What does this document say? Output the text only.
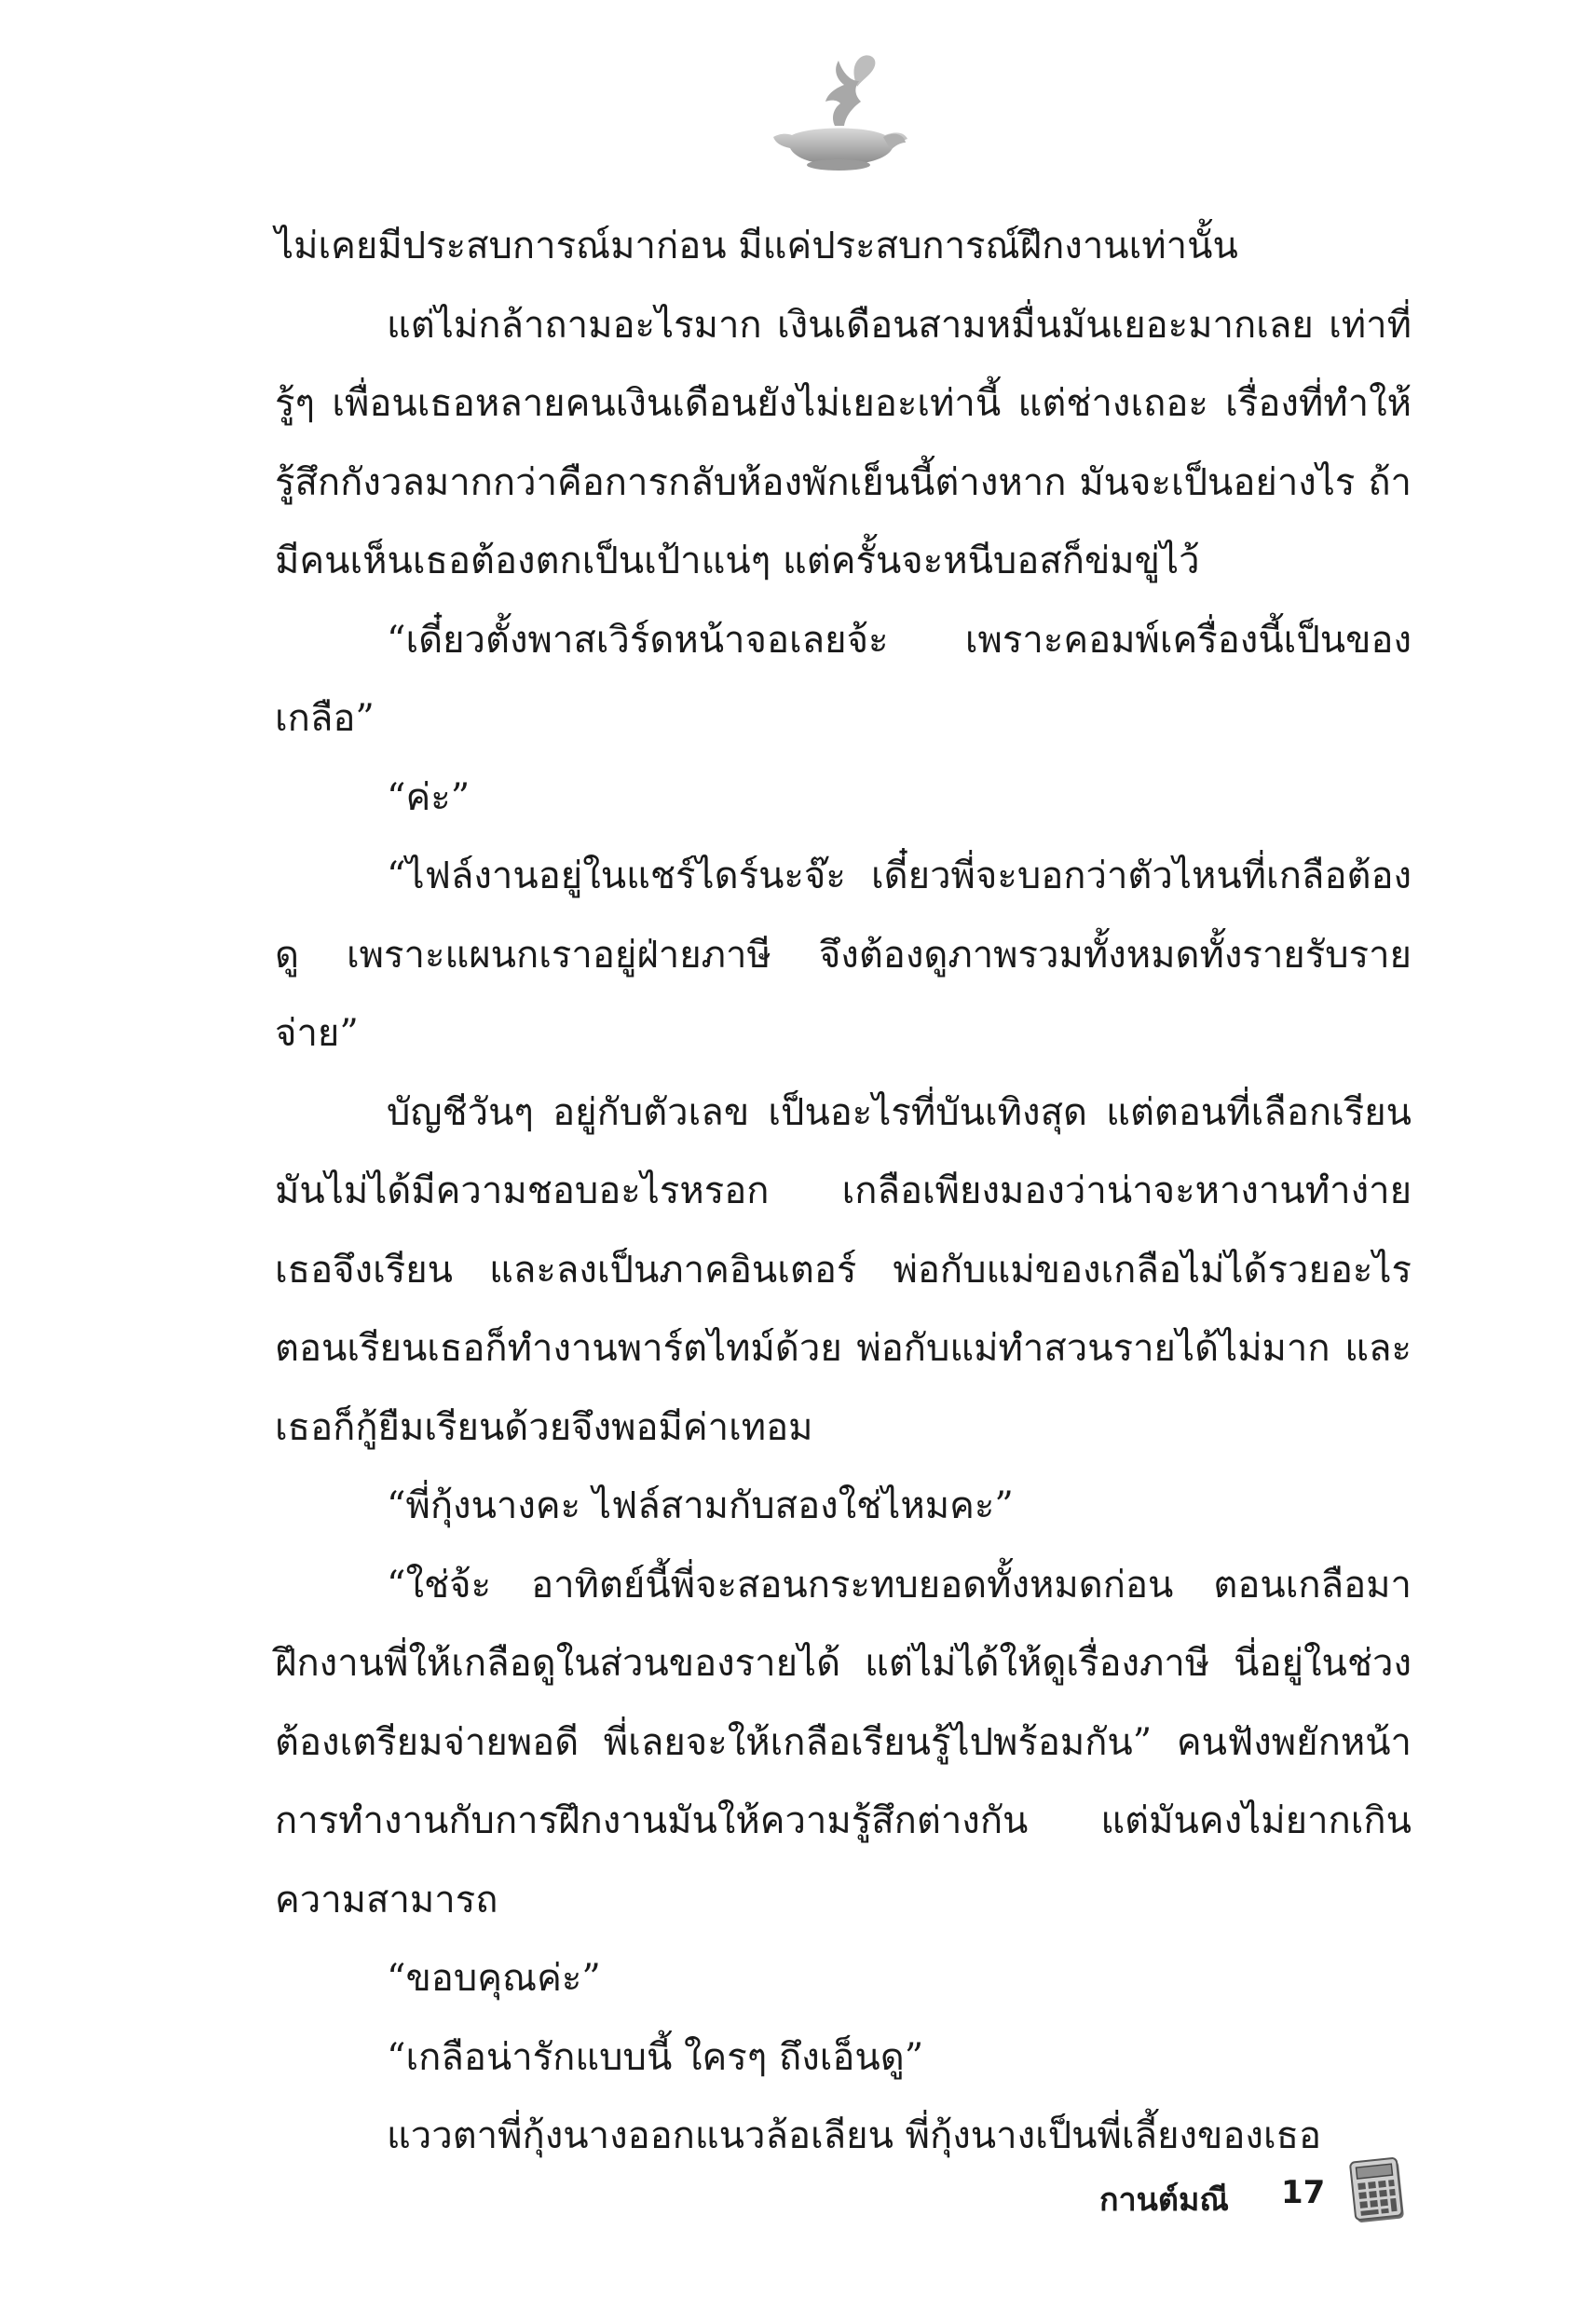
ไม่เคยมีประสบการณ์มาก่อน มีแค่ประสบการณ์ฝึกงานเท่านั้น

แต่ไม่กล้าถามอะไรมาก เงินเดือนสามหมื่นมันเยอะมากเลย เท่าที่รู้ๆ เพื่อนเธอหลายคนเงินเดือนยังไม่เยอะเท่านี้ แต่ช่างเถอะ เรื่องที่ทำให้รู้สึกกังวลมากกว่าคือการกลับห้องพักเย็นนี้ต่างหาก มันจะเป็นอย่างไร ถ้ามีคนเห็นเธอต้องตกเป็นเป้าแน่ๆ แต่ครั้นจะหนีบอสก็ข่มขู่ไว้

“เดี๋ยวตั้งพาสเวิร์ดหน้าจอเลยจ้ะ เพราะคอมพ์เครื่องนี้เป็นของเกลือ”

“ค่ะ”

“ไฟล์งานอยู่ในแชร์ไดร์นะจ๊ะ เดี๋ยวพี่จะบอกว่าตัวไหนที่เกลือต้องดู เพราะแผนกเราอยู่ฝ่ายภาษี จึงต้องดูภาพรวมทั้งหมดทั้งรายรับรายจ่าย”

บัญชีวันๆ อยู่กับตัวเลข เป็นอะไรที่บันเทิงสุด แต่ตอนที่เลือกเรียนมันไม่ได้มีความชอบอะไรหรอก เกลือเพียงมองว่าน่าจะหางานทำง่าย เธอจึงเรียน และลงเป็นภาคอินเตอร์ พ่อกับแม่ของเกลือไม่ได้รวยอะไร ตอนเรียนเธอก็ทำงานพาร์ตไทม์ด้วย พ่อกับแม่ทำสวนรายได้ไม่มาก และเธอก็กู้ยืมเรียนด้วยจึงพอมีค่าเทอม

“พี่กุ้งนางคะ ไฟล์สามกับสองใช่ไหมคะ”

“ใช่จ้ะ อาทิตย์นี้พี่จะสอนกระทบยอดทั้งหมดก่อน ตอนเกลือมาฝึกงานพี่ให้เกลือดูในส่วนของรายได้ แต่ไม่ได้ให้ดูเรื่องภาษี นี่อยู่ในช่วงต้องเตรียมจ่ายพอดี พี่เลยจะให้เกลือเรียนรู้ไปพร้อมกัน” คนฟังพยักหน้า การทำงานกับการฝึกงานมันให้ความรู้สึกต่างกัน แต่มันคงไม่ยากเกินความสามารถ

“ขอบคุณค่ะ”

“เกลือน่ารักแบบนี้ ใครๆ ถึงเอ็นดู”

แววตาพี่กุ้งนางออกแนวล้อเลียน พี่กุ้งนางเป็นพี่เลี้ยงของเธอ

กานต์มณี 17
